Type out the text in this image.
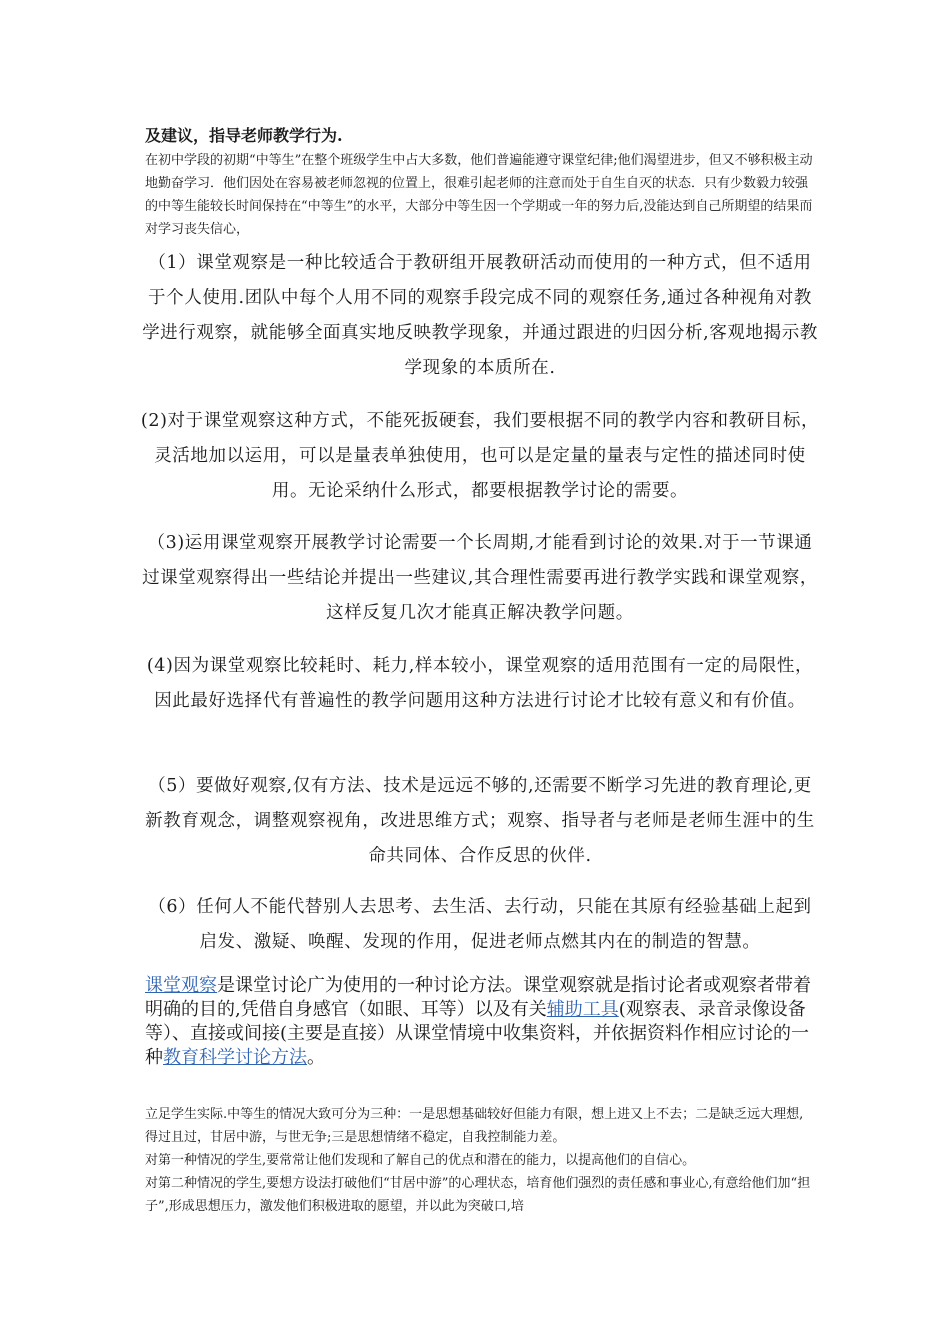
及建议，指导老师教学行为.
在初中学段的初期“中等生”在整个班级学生中占大多数，他们普遍能遵守课堂纪律;他们渴望进步，但又不够积极主动地勤奋学习．他们因处在容易被老师忽视的位置上，很难引起老师的注意而处于自生自灭的状态．只有少数毅力较强的中等生能较长时间保持在“中等生”的水平，大部分中等生因一个学期或一年的努力后,没能达到自己所期望的结果而对学习丧失信心，
（1）课堂观察是一种比较适合于教研组开展教研活动而使用的一种方式，但不适用于个人使用.团队中每个人用不同的观察手段完成不同的观察任务,通过各种视角对教学进行观察，就能够全面真实地反映教学现象，并通过跟进的归因分析,客观地揭示教学现象的本质所在.
(2)对于课堂观察这种方式，不能死扳硬套，我们要根据不同的教学内容和教研目标，灵活地加以运用，可以是量表单独使用，也可以是定量的量表与定性的描述同时使用。无论采纳什么形式，都要根据教学讨论的需要。
（3)运用课堂观察开展教学讨论需要一个长周期,才能看到讨论的效果.对于一节课通过课堂观察得出一些结论并提出一些建议,其合理性需要再进行教学实践和课堂观察，这样反复几次才能真正解决教学问题。
(4)因为课堂观察比较耗时、耗力,样本较小，课堂观察的适用范围有一定的局限性，因此最好选择代有普遍性的教学问题用这种方法进行讨论才比较有意义和有价值。
（5）要做好观察,仅有方法、技术是远远不够的,还需要不断学习先进的教育理论,更新教育观念，调整观察视角，改进思维方式；观察、指导者与老师是老师生涯中的生命共同体、合作反思的伙伴.
（6）任何人不能代替别人去思考、去生活、去行动，只能在其原有经验基础上起到启发、激疑、唤醒、发现的作用，促进老师点燃其内在的制造的智慧。
课堂观察是课堂讨论广为使用的一种讨论方法。课堂观察就是指讨论者或观察者带着明确的目的,凭借自身感官（如眼、耳等）以及有关辅助工具(观察表、录音录像设备等）、直接或间接(主要是直接）从课堂情境中收集资料，并依据资料作相应讨论的一种教育科学讨论方法。
立足学生实际.中等生的情况大致可分为三种：一是思想基础较好但能力有限，想上进又上不去；二是缺乏远大理想,得过且过，甘居中游，与世无争;三是思想情绪不稳定，自我控制能力差。
对第一种情况的学生,要常常让他们发现和了解自己的优点和潜在的能力，以提高他们的自信心。
对第二种情况的学生,要想方设法打破他们“甘居中游”的心理状态，培育他们强烈的责任感和事业心,有意给他们加“担子”,形成思想压力，激发他们积极进取的愿望，并以此为突破口,培
